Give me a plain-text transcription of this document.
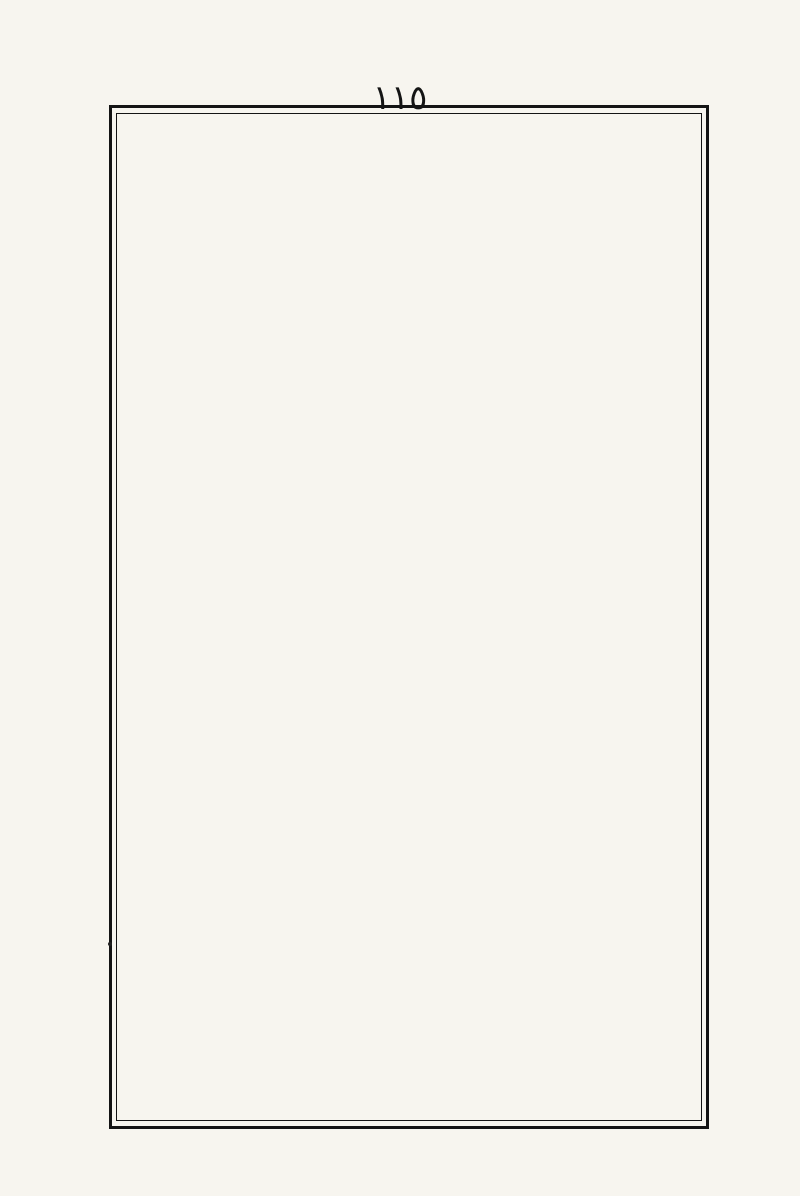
١١٥
